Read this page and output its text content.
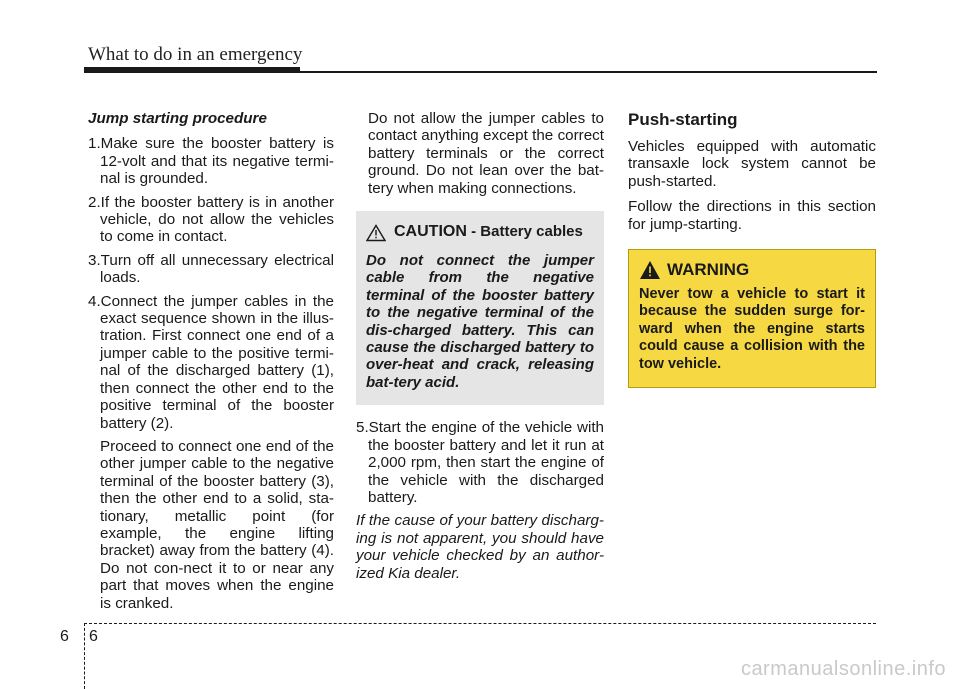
What to do in an emergency

Jump starting procedure

1.Make sure the booster battery is 12-volt and that its negative termi-nal is grounded.

2.If the booster battery is in another vehicle, do not allow the vehicles to come in contact.

3.Turn off all unnecessary electrical loads.

4.Connect the jumper cables in the exact sequence shown in the illus-tration. First connect one end of a jumper cable to the positive termi-nal of the discharged battery (1), then connect the other end to the positive terminal of the booster battery (2).

Proceed to connect one end of the other jumper cable to the negative terminal of the booster battery (3), then the other end to a solid, sta-tionary, metallic point (for example, the engine lifting bracket) away from the battery (4). Do not con-nect it to or near any part that moves when the engine is cranked.

Do not allow the jumper cables to contact anything except the correct battery terminals or the correct ground. Do not lean over the bat-tery when making connections.

CAUTION - Battery cables

Do not connect the jumper cable from the negative terminal of the booster battery to the negative terminal of the dis-charged battery. This can cause the discharged battery to over-heat and crack, releasing bat-tery acid.

5.Start the engine of the vehicle with the booster battery and let it run at 2,000 rpm, then start the engine of the vehicle with the discharged battery.

If the cause of your battery discharg-ing is not apparent, you should have your vehicle checked by an author-ized Kia dealer.

Push-starting

Vehicles equipped with automatic transaxle lock system cannot be push-started.

Follow the directions in this section for jump-starting.

WARNING

Never tow a vehicle to start it because the sudden surge for-ward when the engine starts could cause a collision with the tow vehicle.

6 6
carmanualsonline.info
